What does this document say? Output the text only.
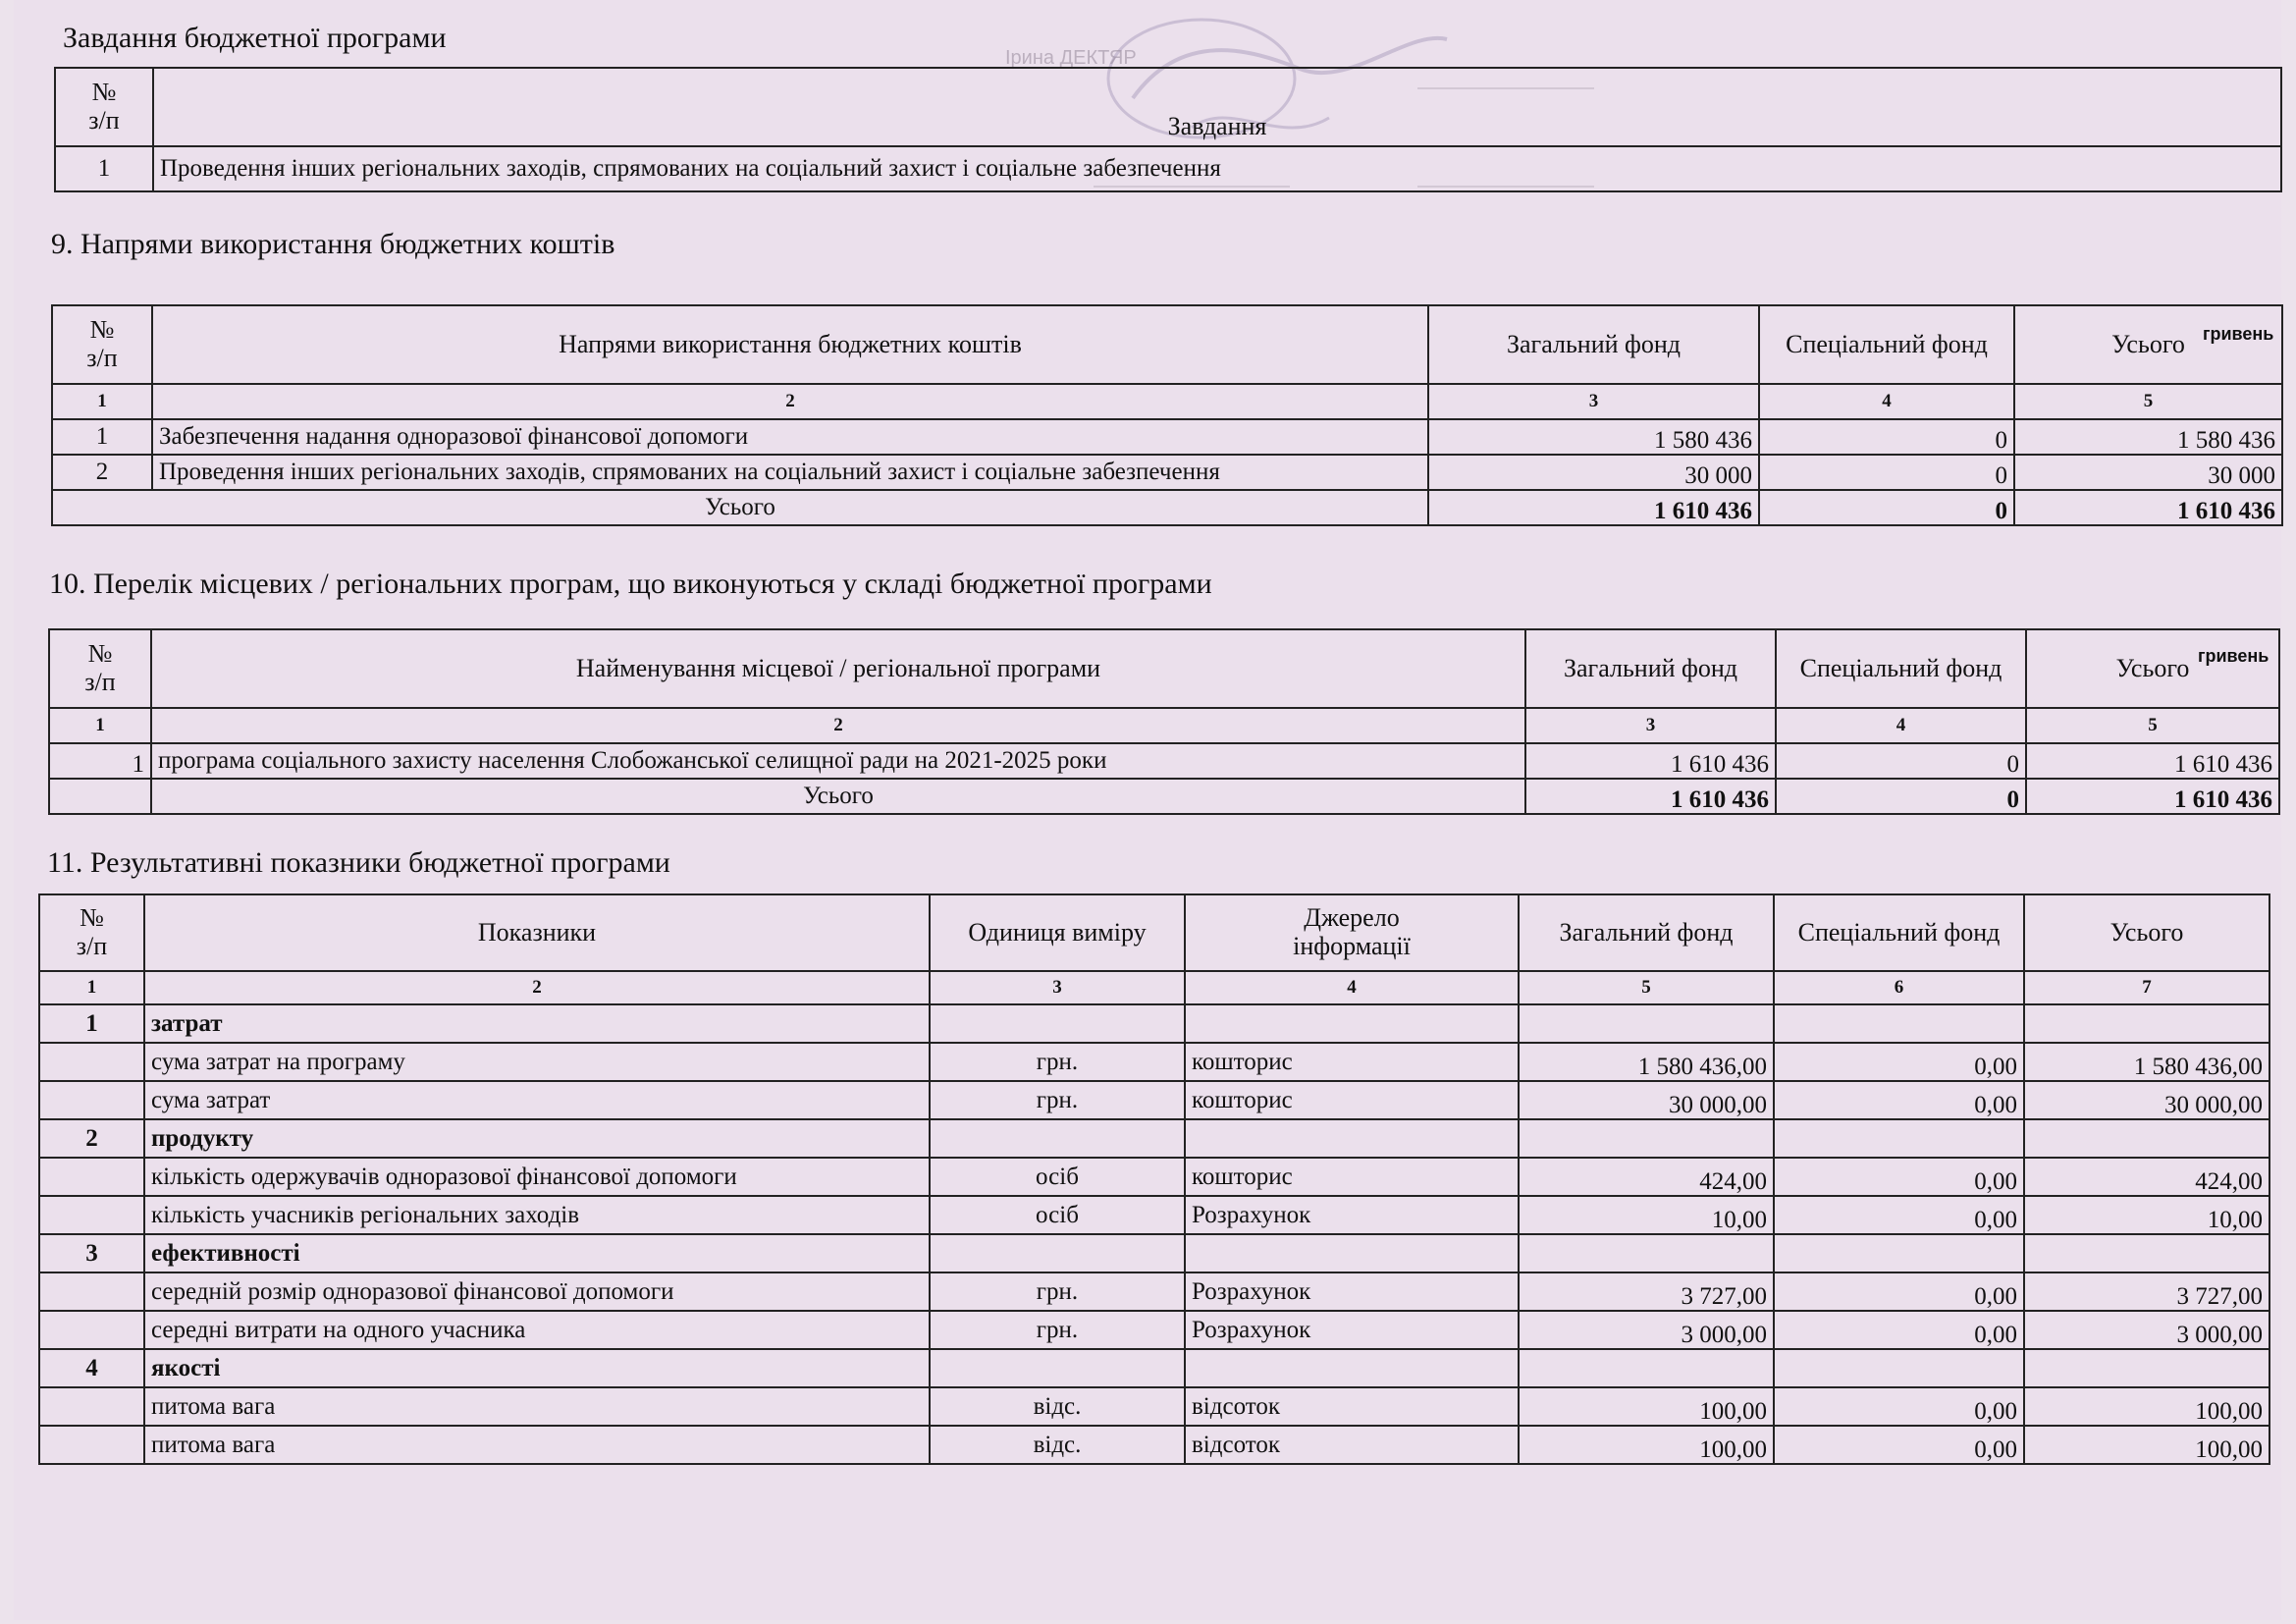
Ірина ДЕКТЯР
Завдання бюджетної програми
№
з/п	Завдання
1	Проведення інших регіональних заходів, спрямованих на соціальний захист і соціальне забезпечення
9. Напрями використання бюджетних коштів
гривень
№
з/п	Напрями використання бюджетних коштів	Загальний фонд	Спеціальний фонд	Усього
1	2	3	4	5
1	Забезпечення надання одноразової фінансової допомоги	1 580 436	0	1 580 436
2	Проведення інших регіональних заходів, спрямованих на соціальний захист і соціальне забезпечення	30 000	0	30 000
Усього		1 610 436	0	1 610 436
10. Перелік місцевих / регіональних програм, що виконуються у складі бюджетної програми
гривень
№
з/п	Найменування місцевої / регіональної програми	Загальний фонд	Спеціальний фонд	Усього
1	2	3	4	5
1	програма соціального захисту населення Слобожанської селищної ради на 2021-2025 роки	1 610 436	0	1 610 436
	Усього	1 610 436	0	1 610 436
11. Результативні показники бюджетної програми
№
з/п	Показники	Одиниця виміру	Джерело
інформації	Загальний фонд	Спеціальний фонд	Усього
1	2	3	4	5	6	7
1	затрат					
	сума затрат на програму	грн.	кошторис	1 580 436,00	0,00	1 580 436,00
	сума затрат	грн.	кошторис	30 000,00	0,00	30 000,00
2	продукту					
	кількість одержувачів одноразової фінансової допомоги	осіб	кошторис	424,00	0,00	424,00
	кількість учасників регіональних заходів	осіб	Розрахунок	10,00	0,00	10,00
3	ефективності					
	середній розмір одноразової фінансової допомоги	грн.	Розрахунок	3 727,00	0,00	3 727,00
	середні витрати на одного учасника	грн.	Розрахунок	3 000,00	0,00	3 000,00
4	якості					
	питома вага	відс.	відсоток	100,00	0,00	100,00
	питома вага	відс.	відсоток	100,00	0,00	100,00
